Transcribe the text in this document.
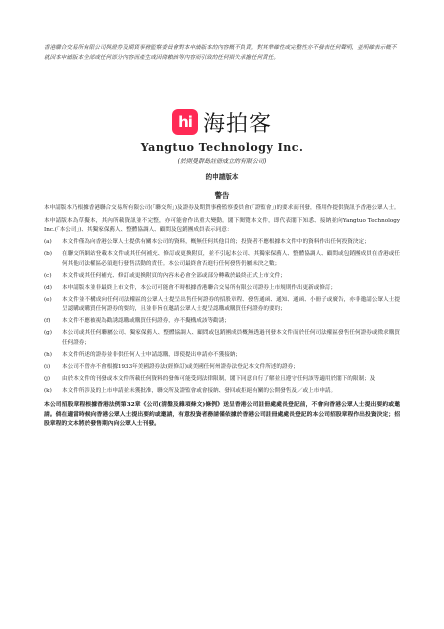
香港聯合交易所有限公司與證券及期貨事務監察委員會對本申請版本的內容概不負責，對其準確性或完整性亦不發表任何聲明，並明確表示概不就因本申請版本全部或任何部分內容而產生或因倚賴該等內容而引致的任何損失承擔任何責任。

hi 海拍客
Yangtuo Technology Inc.
(於開曼群島註冊成立的有限公司)
的申請版本
警告

本申請版本乃根據香港聯合交易所有限公司(「聯交所」)及證券及期貨事務監察委員會(「證監會」)的要求而刊發，僅用作提供資訊予香港公眾人士。

本申請版本為草擬本，其內所載資訊並不完整，亦可能會作出重大變動。閣下閱覽本文件，即代表閣下知悉、接納並向Yangtuo Technology Inc.(「本公司」)、其獨家保薦人、整體協調人、顧問及包銷團成員表示同意：

(a)	本文件僅為向香港公眾人士提供有關本公司的資料，概無任何其他目的；投資者不應根據本文件中的資料作出任何投資決定；
(b)	在聯交所網站登載本文件或其任何補充、修訂或更換附頁，並不引起本公司、其獨家保薦人、整體協調人、顧問或包銷團成員在香港或任何其他司法權區必須進行發售活動的責任。本公司最終會否進行任何發售仍屬未決之數；
(c)	本文件或其任何補充、修訂或更換附頁的內容未必會全部或部分轉載於最終正式上市文件；
(d)	本申請版本並非最終上市文件，本公司可能會不時根據香港聯合交易所有限公司證券上市規則作出更新或修訂；
(e)	本文件並不構成向任何司法權區的公眾人士提呈出售任何證券的招股章程、發售通函、通知、通函、小冊子或廣告，亦非邀請公眾人士提呈認購或購買任何證券的要約，且並非旨在邀請公眾人士提呈認購或購買任何證券的要約；
(f)	本文件不應被視為勸誘認購或購買任何證券，亦不擬構成該等勸誘；
(g)	本公司或其任何聯屬公司、獨家保薦人、整體協調人、顧問或包銷團成員概無透過刊發本文件而於任何司法權區發售任何證券或徵求購買任何證券；
(h)	本文件所述的證券並非供任何人士申請認購，即使提出申請亦不獲接納；
(i)	本公司不曾亦不會根據1933年美國證券法(經修訂)或美國任何州證券法登記本文件所述的證券；
(j)	由於本文件的刊發或本文件所載任何資料的發佈可能受到法律限制，閣下同意自行了解並且遵守任何該等適用於閣下的限制；及
(k)	本文件所涉及的上市申請並未獲批准，聯交所及證監會或會接納、發回或拒絕有關的公開發售及／或上市申請。

本公司招股章程根據香港法例第32章《公司(清盤及雜項條文)條例》送呈香港公司註冊處處長登記前，不會向香港公眾人士提出要約或邀請。倘在適當時候向香港公眾人士提出要約或邀請，有意投資者務請僅依據於香港公司註冊處處長登記的本公司招股章程作出投資決定；招股章程的文本將於發售期內向公眾人士刊發。
